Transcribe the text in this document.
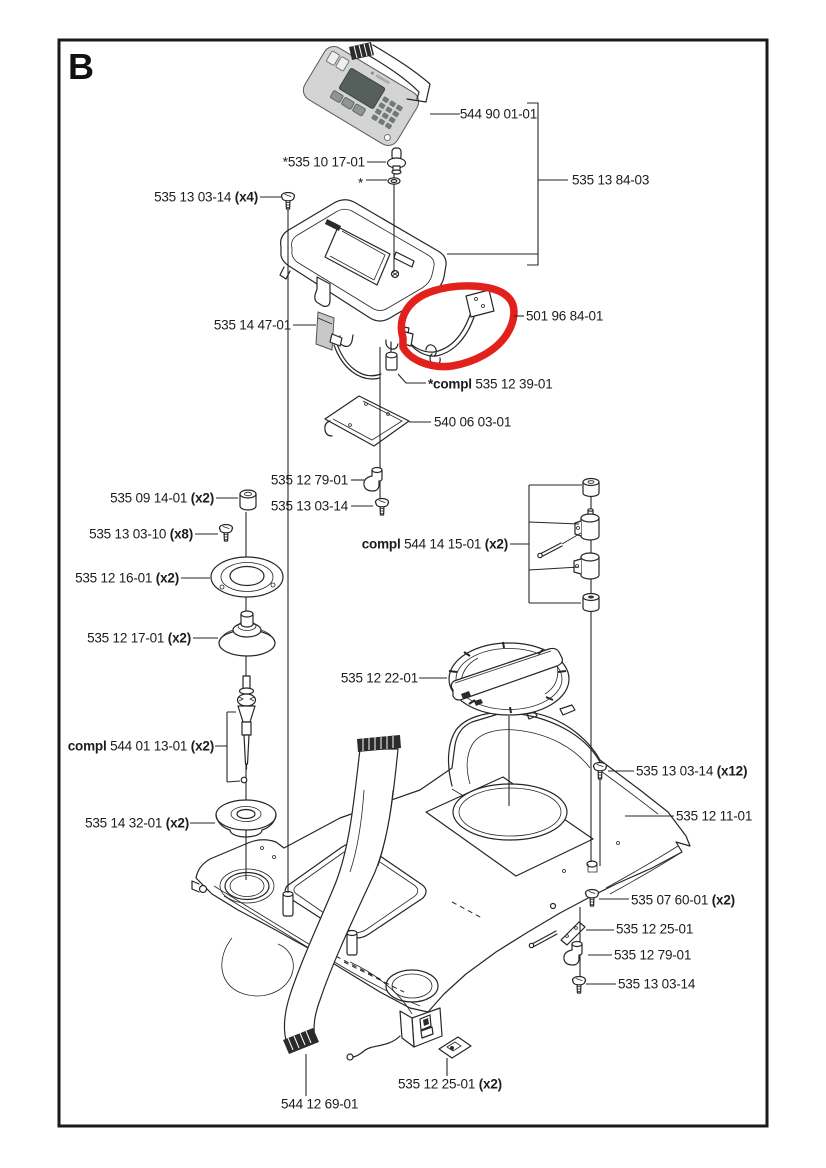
B
544 90 01-01
535 13 84-03
*535 10 17-01
*
535 13 03-14 (x4)
535 14 47-01
501 96 84-01
*compl 535 12 39-01
540 06 03-01
535 12 79-01
535 13 03-14
535 09 14-01 (x2)
535 13 03-10 (x8)
535 12 16-01 (x2)
535 12 17-01 (x2)
compl 544 14 15-01 (x2)
535 12 22-01
compl 544 01 13-01 (x2)
535 14 32-01 (x2)
535 13 03-14 (x12)
535 12 11-01
535 07 60-01 (x2)
535 12 25-01
535 12 79-01
535 13 03-14
535 12 25-01 (x2)
544 12 69-01
